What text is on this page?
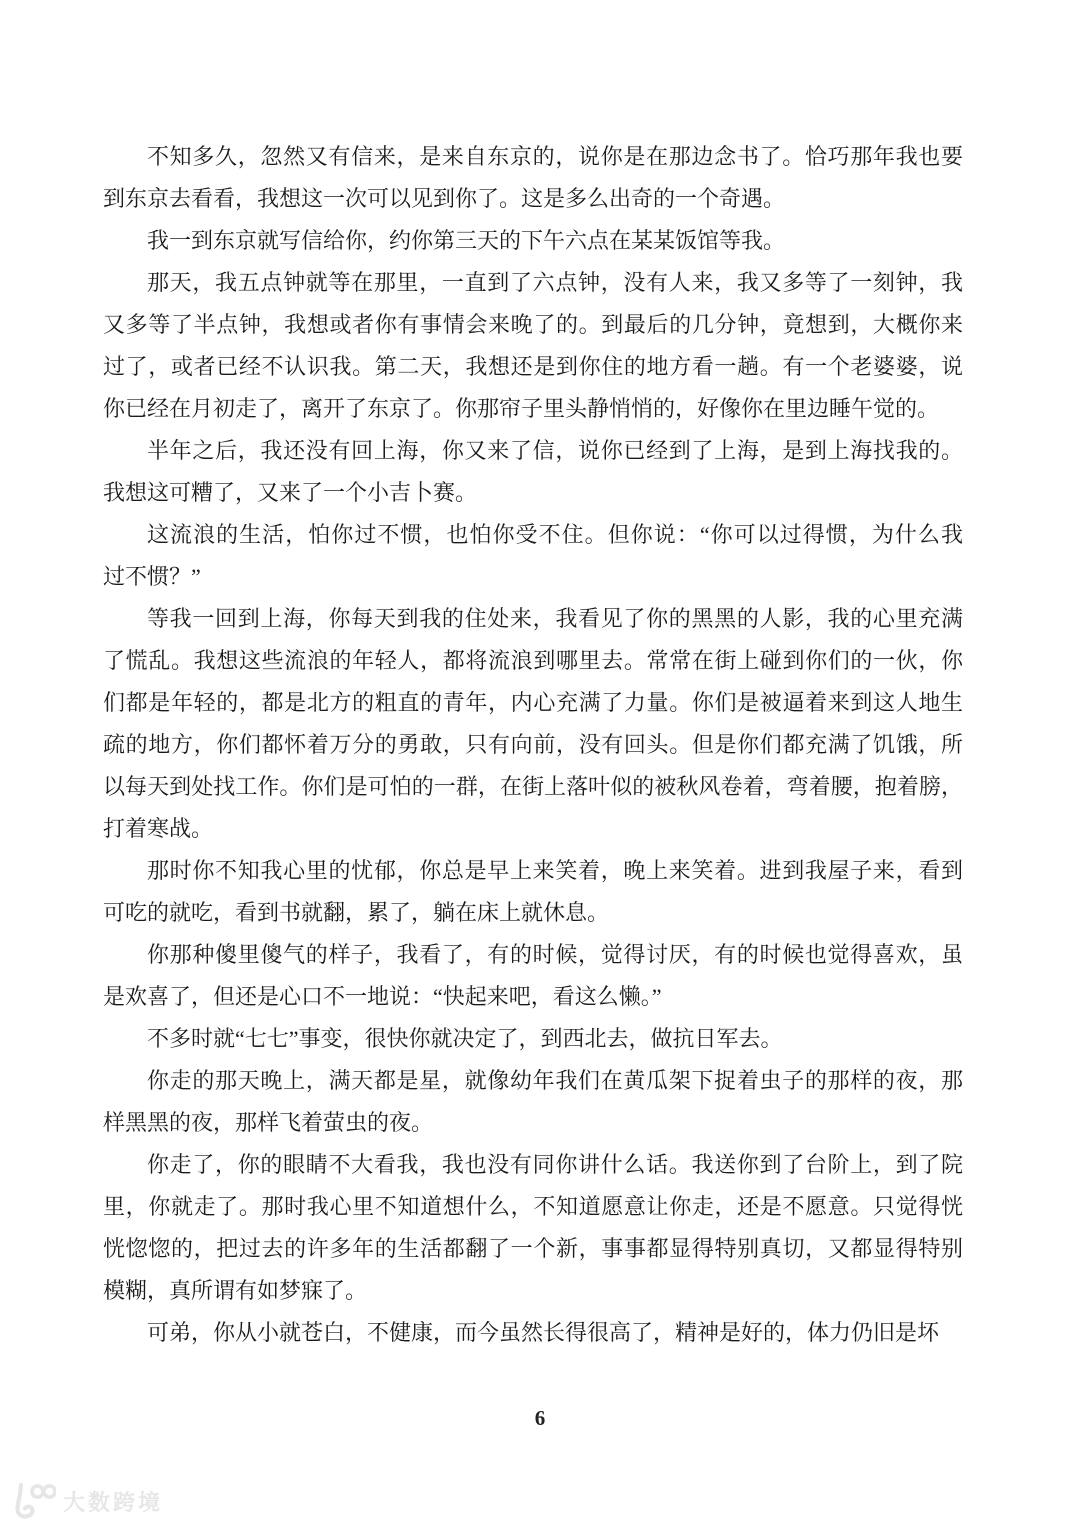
不知多久，忽然又有信来，是来自东京的，说你是在那边念书了。恰巧那年我也要
到东京去看看，我想这一次可以见到你了。这是多么出奇的一个奇遇。
我一到东京就写信给你，约你第三天的下午六点在某某饭馆等我。
那天，我五点钟就等在那里，一直到了六点钟，没有人来，我又多等了一刻钟，我
又多等了半点钟，我想或者你有事情会来晚了的。到最后的几分钟，竟想到，大概你来
过了，或者已经不认识我。第二天，我想还是到你住的地方看一趟。有一个老婆婆，说
你已经在月初走了，离开了东京了。你那帘子里头静悄悄的，好像你在里边睡午觉的。
半年之后，我还没有回上海，你又来了信，说你已经到了上海，是到上海找我的。
我想这可糟了，又来了一个小吉卜赛。
这流浪的生活，怕你过不惯，也怕你受不住。但你说：“你可以过得惯，为什么我
过不惯？”
等我一回到上海，你每天到我的住处来，我看见了你的黑黑的人影，我的心里充满
了慌乱。我想这些流浪的年轻人，都将流浪到哪里去。常常在街上碰到你们的一伙，你
们都是年轻的，都是北方的粗直的青年，内心充满了力量。你们是被逼着来到这人地生
疏的地方，你们都怀着万分的勇敢，只有向前，没有回头。但是你们都充满了饥饿，所
以每天到处找工作。你们是可怕的一群，在街上落叶似的被秋风卷着，弯着腰，抱着膀，
打着寒战。
那时你不知我心里的忧郁，你总是早上来笑着，晚上来笑着。进到我屋子来，看到
可吃的就吃，看到书就翻，累了，躺在床上就休息。
你那种傻里傻气的样子，我看了，有的时候，觉得讨厌，有的时候也觉得喜欢，虽
是欢喜了，但还是心口不一地说：“快起来吧，看这么懒。”
不多时就“七七”事变，很快你就决定了，到西北去，做抗日军去。
你走的那天晚上，满天都是星，就像幼年我们在黄瓜架下捉着虫子的那样的夜，那
样黑黑的夜，那样飞着萤虫的夜。
你走了，你的眼睛不大看我，我也没有同你讲什么话。我送你到了台阶上，到了院
里，你就走了。那时我心里不知道想什么，不知道愿意让你走，还是不愿意。只觉得恍
恍惚惚的，把过去的许多年的生活都翻了一个新，事事都显得特别真切，又都显得特别
模糊，真所谓有如梦寐了。
可弟，你从小就苍白，不健康，而今虽然长得很高了，精神是好的，体力仍旧是坏
6
大数跨境
